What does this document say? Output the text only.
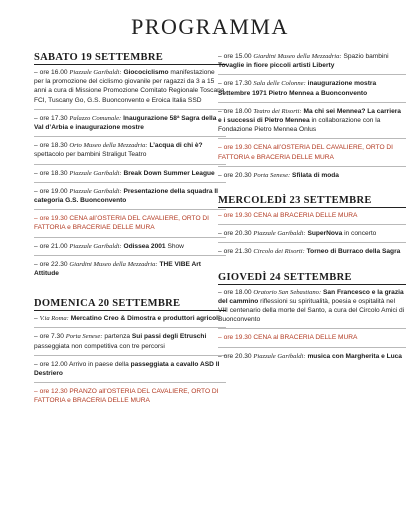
PROGRAMMA
SABATO 19 SETTEMBRE
– ore 16.00 Piazzale Garibaldi: Giocociclismo manifestazione per la promozione del ciclismo giovanile per ragazzi da 3 a 15 anni a cura di Missione Promozione Comitato Regionale Toscana FCI, Tuscany Go, G.S. Buonconvento e Eroica Italia SSD
– ore 17.30 Palazzo Comunale: Inaugurazione 58ª Sagra della Val d’Arbia e inaugurazione mostre
– ore 18.30 Orto Museo della Mezzadria: L’acqua di chi è? spettacolo per bambini Straligut Teatro
– ore 18.30 Piazzale Garibaldi: Break Down Summer League
– ore 19.00 Piazzale Garibaldi: Presentazione della squadra II categoria G.S. Buonconvento
– ore 19.30 CENA all’OSTERIA DEL CAVALIERE, ORTO DI FATTORIA e BRACERIAE DELLE MURA
– ore 21.00 Piazzale Garibaldi: Odissea 2001 Show
– ore 22.30 Giardini Museo della Mezzadria: THE VIBE Art Attitude
DOMENICA 20 SETTEMBRE
– V.ia Roma: Mercatino Creo & Dimostra e produttori agricoli
– ore 7.30 Porta Senese: partenza Sui passi degli Etruschi passeggiata non competitiva con tre percorsi
– ore 12.00 Arrivo in paese della passeggiata a cavallo ASD Il Destriero
– ore 12.30 PRANZO all’OSTERIA DEL CAVALIERE, ORTO DI FATTORIA e BRACERIA DELLE MURA
– ore 15.00 Giardini Museo della Mezzadria: Spazio bambini Tovaglie in fiore piccoli artisti Liberty
– ore 17.30 Sala delle Colonne: inaugurazione mostra Settembre 1971 Pietro Mennea a Buonconvento
– ore 18.00 Teatro dei Risorti: Ma chi sei Mennea? La carriera e i successi di Pietro Mennea in collaborazione con la Fondazione Pietro Mennea Onlus
– ore 19.30 CENA all’OSTERIA DEL CAVALIERE, ORTO DI FATTORIA e BRACERIA DELLE MURA
– ore 20.30 Porta Senese: Sfilata di moda
MERCOLEDÌ 23 SETTEMBRE
– ore 19.30 CENA al BRACERIA DELLE MURA
– ore 20.30 Piazzale Garibaldi: SuperNova in concerto
– ore 21.30 Circolo dei Risorti: Torneo di Burraco della Sagra
GIOVEDÌ 24 SETTEMBRE
– ore 18.00 Oratorio San Sebastiano: San Francesco e la grazia del cammino riflessioni su spiritualità, poesia e ospitalità nel VIII centenario della morte del Santo, a cura del Circolo Amici di Buonconvento
– ore 19.30 CENA al BRACERIA DELLE MURA
– ore 20.30 Piazzale Garibaldi: musica con Margherita e Luca
